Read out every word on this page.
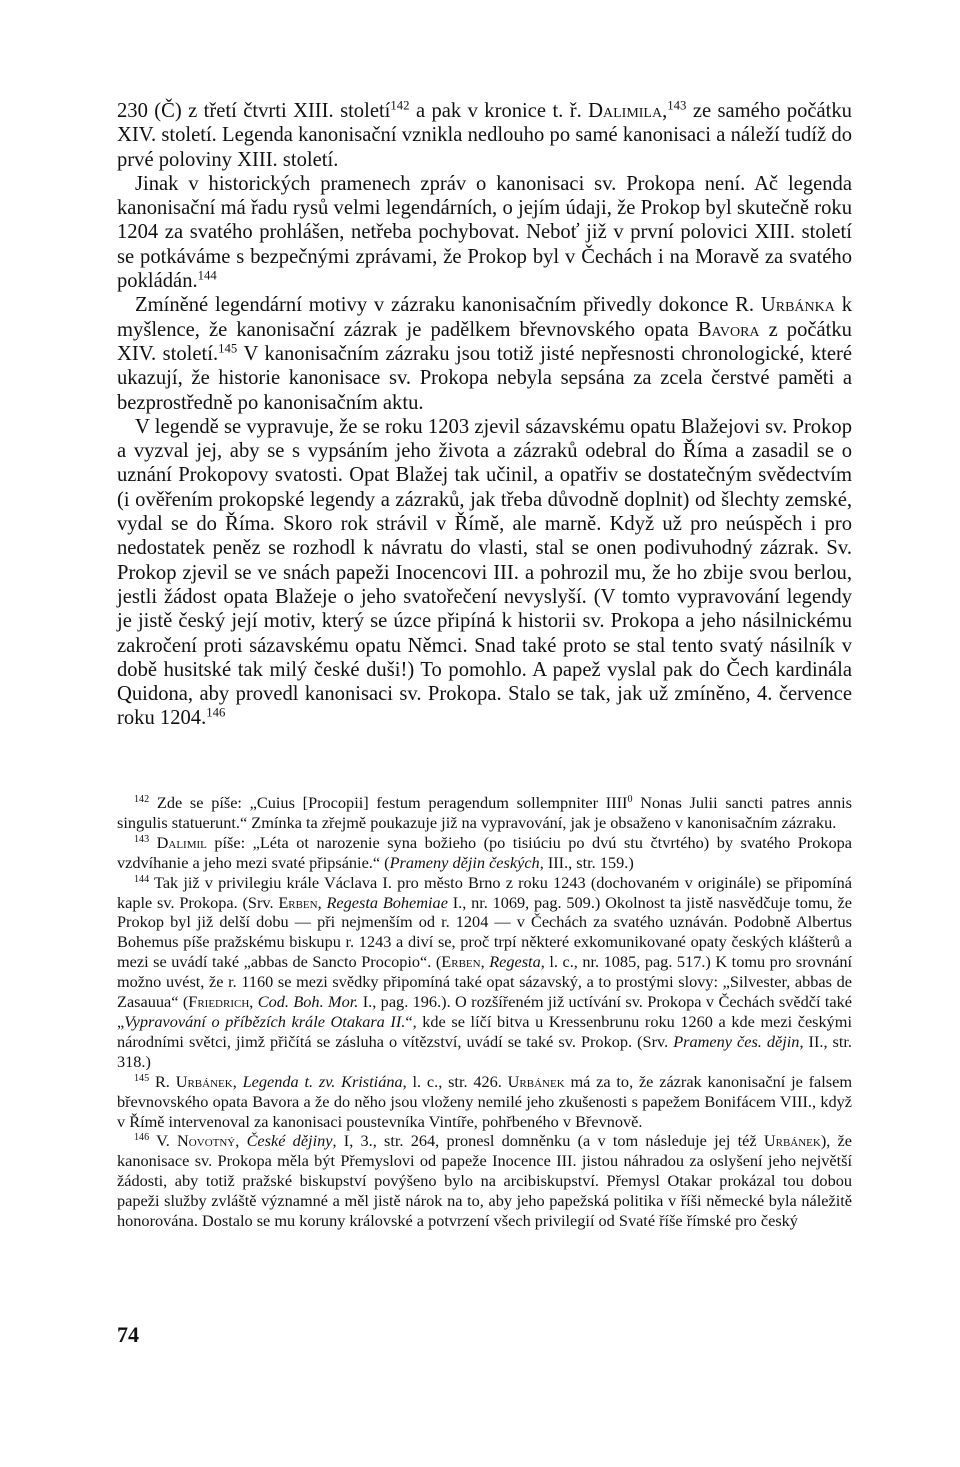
230 (Č) z třetí čtvrti XIII. století$^{142}$ a pak v kronice t. ř. Dalimila,$^{143}$ ze samého počátku XIV. století. Legenda kanonisační vznikla nedlouho po samé kanonisaci a náleží tudíž do prvé poloviny XIII. století.

Jinak v historických pramenech zpráv o kanonisaci sv. Prokopa není. Ač legenda kanonisační má řadu rysů velmi legendárních, o jejím údaji, že Prokop byl skutečně roku 1204 za svatého prohlášen, netřeba pochybovat. Neboť již v první polovici XIII. století se potkáváme s bezpečnými zprávami, že Prokop byl v Čechách i na Moravě za svatého pokládán.$^{144}$

Zmíněné legendární motivy v zázraku kanonisačním přivedly dokonce R. Urbánka k myšlence, že kanonisační zázrak je padělkem břevnovského opata Bavora z počátku XIV. století.$^{145}$ V kanonisačním zázraku jsou totiž jisté nepřesnosti chronologické, které ukazují, že historie kanonisace sv. Prokopa nebyla sepsána za zcela čerstvé paměti a bezprostředně po kanonisačním aktu.

V legendě se vypravuje, že se roku 1203 zjevil sázavskému opatu Blažejovi sv. Prokop a vyzval jej, aby se s vypsáním jeho života a zázraků odebral do Říma a zasadil se o uznání Prokopovy svatosti. Opat Blažej tak učinil, a opatřiv se dostatečným svědectvím (i ověřením prokopské legendy a zázraků, jak třeba důvodně doplnit) od šlechty zemské, vydal se do Říma. Skoro rok strávil v Římě, ale marně. Když už pro neúspěch i pro nedostatek peněz se rozhodl k návratu do vlasti, stal se onen podivuhodný zázrak. Sv. Prokop zjevil se ve snách papeži Inocencovi III. a pohrozil mu, že ho zbije svou berlou, jestli žádost opata Blažeje o jeho svatořečení nevyslyší. (V tomto vypravování legendy je jistě český její motiv, který se úzce připíná k historii sv. Prokopa a jeho násilnickému zakročení proti sázavskému opatu Němci. Snad také proto se stal tento svatý násilník v době husitské tak milý české duši!) To pomohlo. A papež vyslal pak do Čech kardinála Quidona, aby provedl kanonisaci sv. Prokopa. Stalo se tak, jak už zmíněno, 4. července roku 1204.$^{146}$

$^{142}$ Zde se píše: „Cuius [Procopii] festum peragendum sollempniter IIII$^0$ Nonas Julii sancti patres annis singulis statuerunt.“ Zmínka ta zřejmě poukazuje již na vypravování, jak je obsaženo v kanonisačním zázraku.

$^{143}$ Dalimil píše: „Léta ot narozenie syna božieho (po tisiúciu po dvú stu čtvrtého) by svatého Prokopa vzdvíhanie a jeho mezi svaté připsánie.“ (Prameny dějin českých, III., str. 159.)

$^{144}$ Tak již v privilegiu krále Václava I. pro město Brno z roku 1243 (dochovaném v originále) se připomíná kaple sv. Prokopa. (Srv. Erben, Regesta Bohemiae I., nr. 1069, pag. 509.) Okolnost ta jistě nasvědčuje tomu, že Prokop byl již delší dobu — při nejmenším od r. 1204 — v Čechách za svatého uznáván. Podobně Albertus Bohemus píše pražskému biskupu r. 1243 a diví se, proč trpí některé exkomunikované opaty českých klášterů a mezi se uvádí také „abbas de Sancto Procopio“. (Erben, Regesta, l. c., nr. 1085, pag. 517.) K tomu pro srovnání možno uvést, že r. 1160 se mezi svědky připomíná také opat sázavský, a to prostými slovy: „Silvester, abbas de Zasauua“ (Friedrich, Cod. Boh. Mor. I., pag. 196.). O rozšířeném již uctívání sv. Prokopa v Čechách svědčí také „Vypravování o příbězích krále Otakara II.“, kde se líčí bitva u Kressenbrunu roku 1260 a kde mezi českými národními světci, jimž přičítá se zásluha o vítězství, uvádí se také sv. Prokop. (Srv. Prameny čes. dějin, II., str. 318.)

$^{145}$ R. Urbánek, Legenda t. zv. Kristiána, l. c., str. 426. Urbánek má za to, že zázrak kanonisační je falsem břevnovského opata Bavora a že do něho jsou vloženy nemilé jeho zkušenosti s papežem Bonifácem VIII., když v Římě intervenoval za kanonisaci poustevníka Vintíře, pohřbeného v Břevnově.

$^{146}$ V. Novotný, České dějiny, I, 3., str. 264, pronesl domněnku (a v tom následuje jej též Urbánek), že kanonisace sv. Prokopa měla být Přemyslovi od papeže Inocence III. jistou náhradou za oslyšení jeho největší žádosti, aby totiž pražské biskupství povýšeno bylo na arcibiskupství. Přemysl Otakar prokázal tou dobou papeži služby zvláště významné a měl jistě nárok na to, aby jeho papežská politika v říši německé byla náležitě honorována. Dostalo se mu koruny královské a potvrzení všech privilegií od Svaté říše římské pro český

74
